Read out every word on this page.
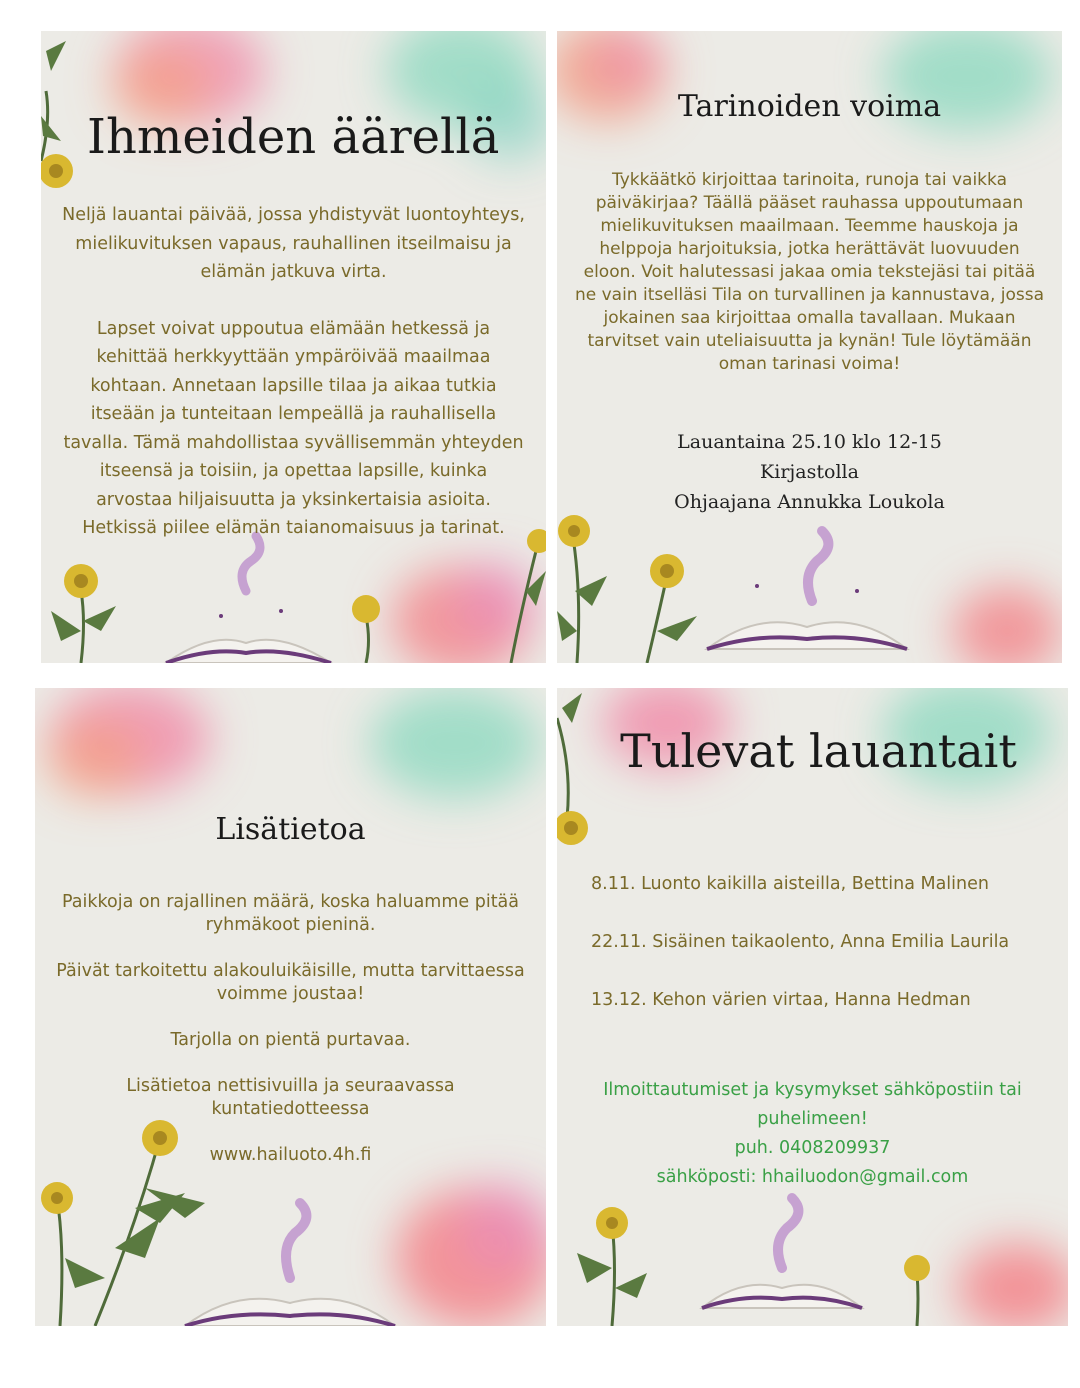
Ihmeiden äärellä

Neljä lauantai päivää, jossa yhdistyvät luontoyhteys, mielikuvituksen vapaus, rauhallinen itseilmaisu ja elämän jatkuva virta.

Lapset voivat uppoutua elämään hetkessä ja kehittää herkkyyttään ympäröivää maailmaa kohtaan. Annetaan lapsille tilaa ja aikaa tutkia itseään ja tunteitaan lempeällä ja rauhallisella tavalla. Tämä mahdollistaa syvällisemmän yhteyden itseensä ja toisiin, ja opettaa lapsille, kuinka arvostaa hiljaisuutta ja yksinkertaisia asioita. Hetkissä piilee elämän taianomaisuus ja tarinat.

Tarinoiden voima
Tykkäätkö kirjoittaa tarinoita, runoja tai vaikka päiväkirjaa? Täällä pääset rauhassa uppoutumaan mielikuvituksen maailmaan. Teemme hauskoja ja helppoja harjoituksia, jotka herättävät luovuuden eloon. Voit halutessasi jakaa omia tekstejäsi tai pitää ne vain itselläsi Tila on turvallinen ja kannustava, jossa jokainen saa kirjoittaa omalla tavallaan. Mukaan tarvitset vain uteliaisuutta ja kynän! Tule löytämään oman tarinasi voima!
Lauantaina 25.10 klo 12-15
Kirjastolla
Ohjaajana Annukka Loukola
Lisätietoa

Paikkoja on rajallinen määrä, koska haluamme pitää ryhmäkoot pieninä.

Päivät tarkoitettu alakouluikäisille, mutta tarvittaessa voimme joustaa!

Tarjolla on pientä purtavaa.

Lisätietoa nettisivuilla ja seuraavassa kuntatiedotteessa

www.hailuoto.4h.fi

Tulevat lauantait
8.11. Luonto kaikilla aisteilla, Bettina Malinen
22.11. Sisäinen taikaolento, Anna Emilia Laurila
13.12. Kehon värien virtaa, Hanna Hedman

Ilmoittautumiset ja kysymykset sähköpostiin tai puhelimeen!

puh. 0408209937

sähköposti: hhailuodon@gmail.com
